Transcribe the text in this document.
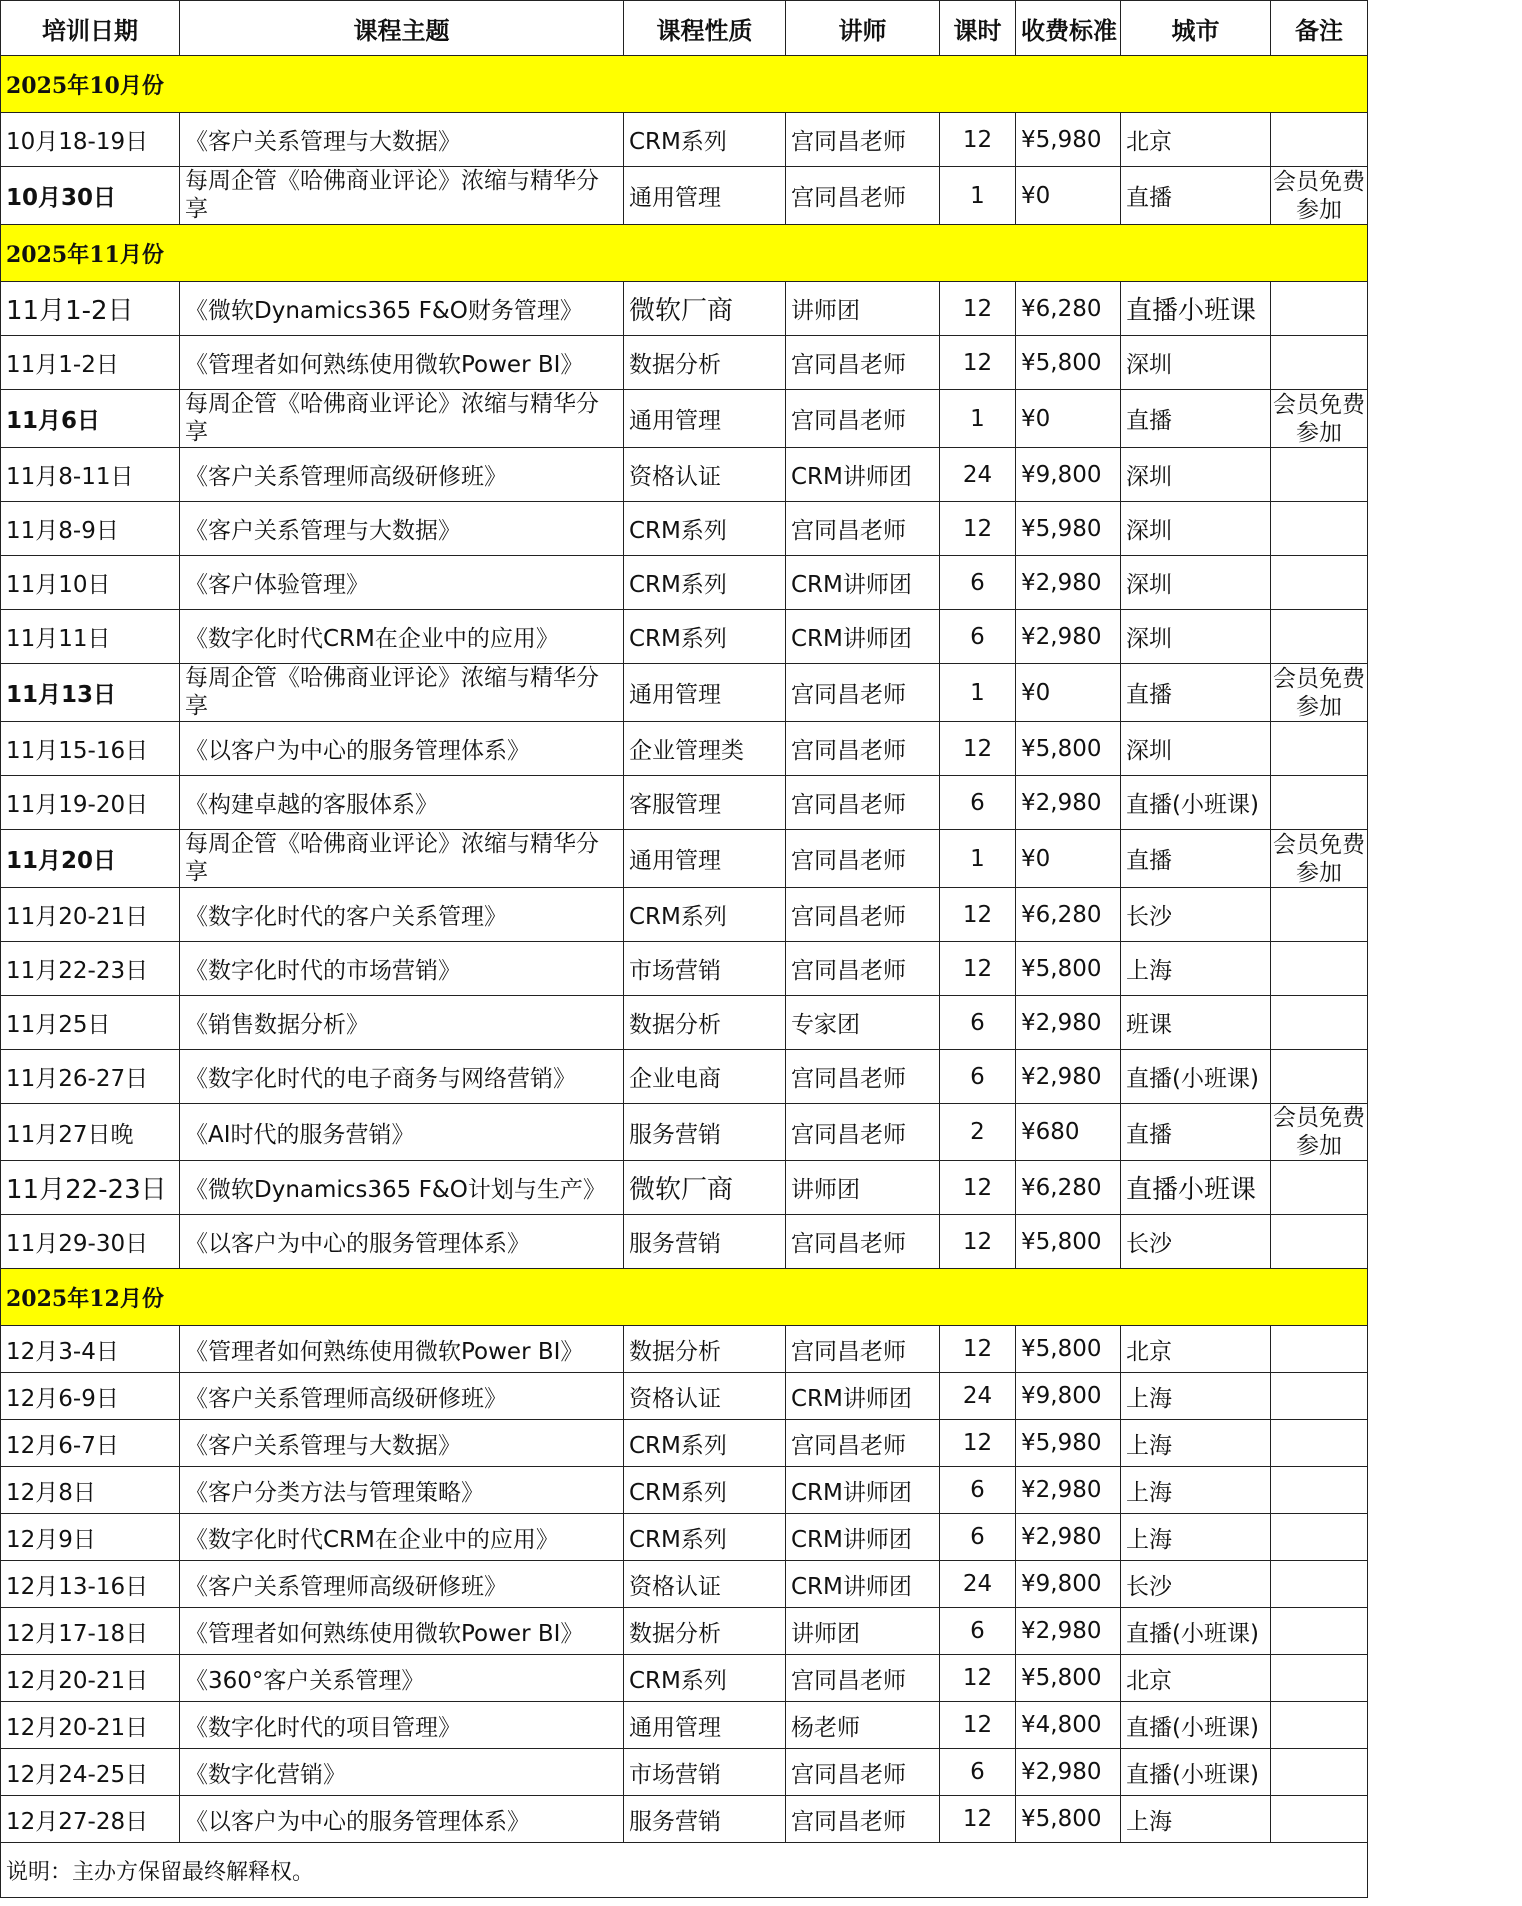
培训日期	课程主题	课程性质	讲师	课时	收费标准	城市	备注
2025年10月份							
10月18-19日	《客户关系管理与大数据》	CRM系列	宫同昌老师	12	¥5,980	北京	
10月30日	每周企管《哈佛商业评论》浓缩与精华分享	通用管理	宫同昌老师	1	¥0	直播	会员免费参加
2025年11月份							
11月1-2日	《微软Dynamics365 F&O财务管理》	微软厂商	讲师团	12	¥6,280	直播小班课	
11月1-2日	《管理者如何熟练使用微软Power BI》	数据分析	宫同昌老师	12	¥5,800	深圳	
11月6日	每周企管《哈佛商业评论》浓缩与精华分享	通用管理	宫同昌老师	1	¥0	直播	会员免费参加
11月8-11日	《客户关系管理师高级研修班》	资格认证	CRM讲师团	24	¥9,800	深圳	
11月8-9日	《客户关系管理与大数据》	CRM系列	宫同昌老师	12	¥5,980	深圳	
11月10日	《客户体验管理》	CRM系列	CRM讲师团	6	¥2,980	深圳	
11月11日	《数字化时代CRM在企业中的应用》	CRM系列	CRM讲师团	6	¥2,980	深圳	
11月13日	每周企管《哈佛商业评论》浓缩与精华分享	通用管理	宫同昌老师	1	¥0	直播	会员免费参加
11月15-16日	《以客户为中心的服务管理体系》	企业管理类	宫同昌老师	12	¥5,800	深圳	
11月19-20日	《构建卓越的客服体系》	客服管理	宫同昌老师	6	¥2,980	直播(小班课)	
11月20日	每周企管《哈佛商业评论》浓缩与精华分享	通用管理	宫同昌老师	1	¥0	直播	会员免费参加
11月20-21日	《数字化时代的客户关系管理》	CRM系列	宫同昌老师	12	¥6,280	长沙	
11月22-23日	《数字化时代的市场营销》	市场营销	宫同昌老师	12	¥5,800	上海	
11月25日	《销售数据分析》	数据分析	专家团	6	¥2,980	班课	
11月26-27日	《数字化时代的电子商务与网络营销》	企业电商	宫同昌老师	6	¥2,980	直播(小班课)	
11月27日晚	《AI时代的服务营销》	服务营销	宫同昌老师	2	¥680	直播	会员免费参加
11月22-23日	《微软Dynamics365 F&O计划与生产》	微软厂商	讲师团	12	¥6,280	直播小班课	
11月29-30日	《以客户为中心的服务管理体系》	服务营销	宫同昌老师	12	¥5,800	长沙	
2025年12月份							
12月3-4日	《管理者如何熟练使用微软Power BI》	数据分析	宫同昌老师	12	¥5,800	北京	
12月6-9日	《客户关系管理师高级研修班》	资格认证	CRM讲师团	24	¥9,800	上海	
12月6-7日	《客户关系管理与大数据》	CRM系列	宫同昌老师	12	¥5,980	上海	
12月8日	《客户分类方法与管理策略》	CRM系列	CRM讲师团	6	¥2,980	上海	
12月9日	《数字化时代CRM在企业中的应用》	CRM系列	CRM讲师团	6	¥2,980	上海	
12月13-16日	《客户关系管理师高级研修班》	资格认证	CRM讲师团	24	¥9,800	长沙	
12月17-18日	《管理者如何熟练使用微软Power BI》	数据分析	讲师团	6	¥2,980	直播(小班课)	
12月20-21日	《360°客户关系管理》	CRM系列	宫同昌老师	12	¥5,800	北京	
12月20-21日	《数字化时代的项目管理》	通用管理	杨老师	12	¥4,800	直播(小班课)	
12月24-25日	《数字化营销》	市场营销	宫同昌老师	6	¥2,980	直播(小班课)	
12月27-28日	《以客户为中心的服务管理体系》	服务营销	宫同昌老师	12	¥5,800	上海	
说明：主办方保留最终解释权。							
